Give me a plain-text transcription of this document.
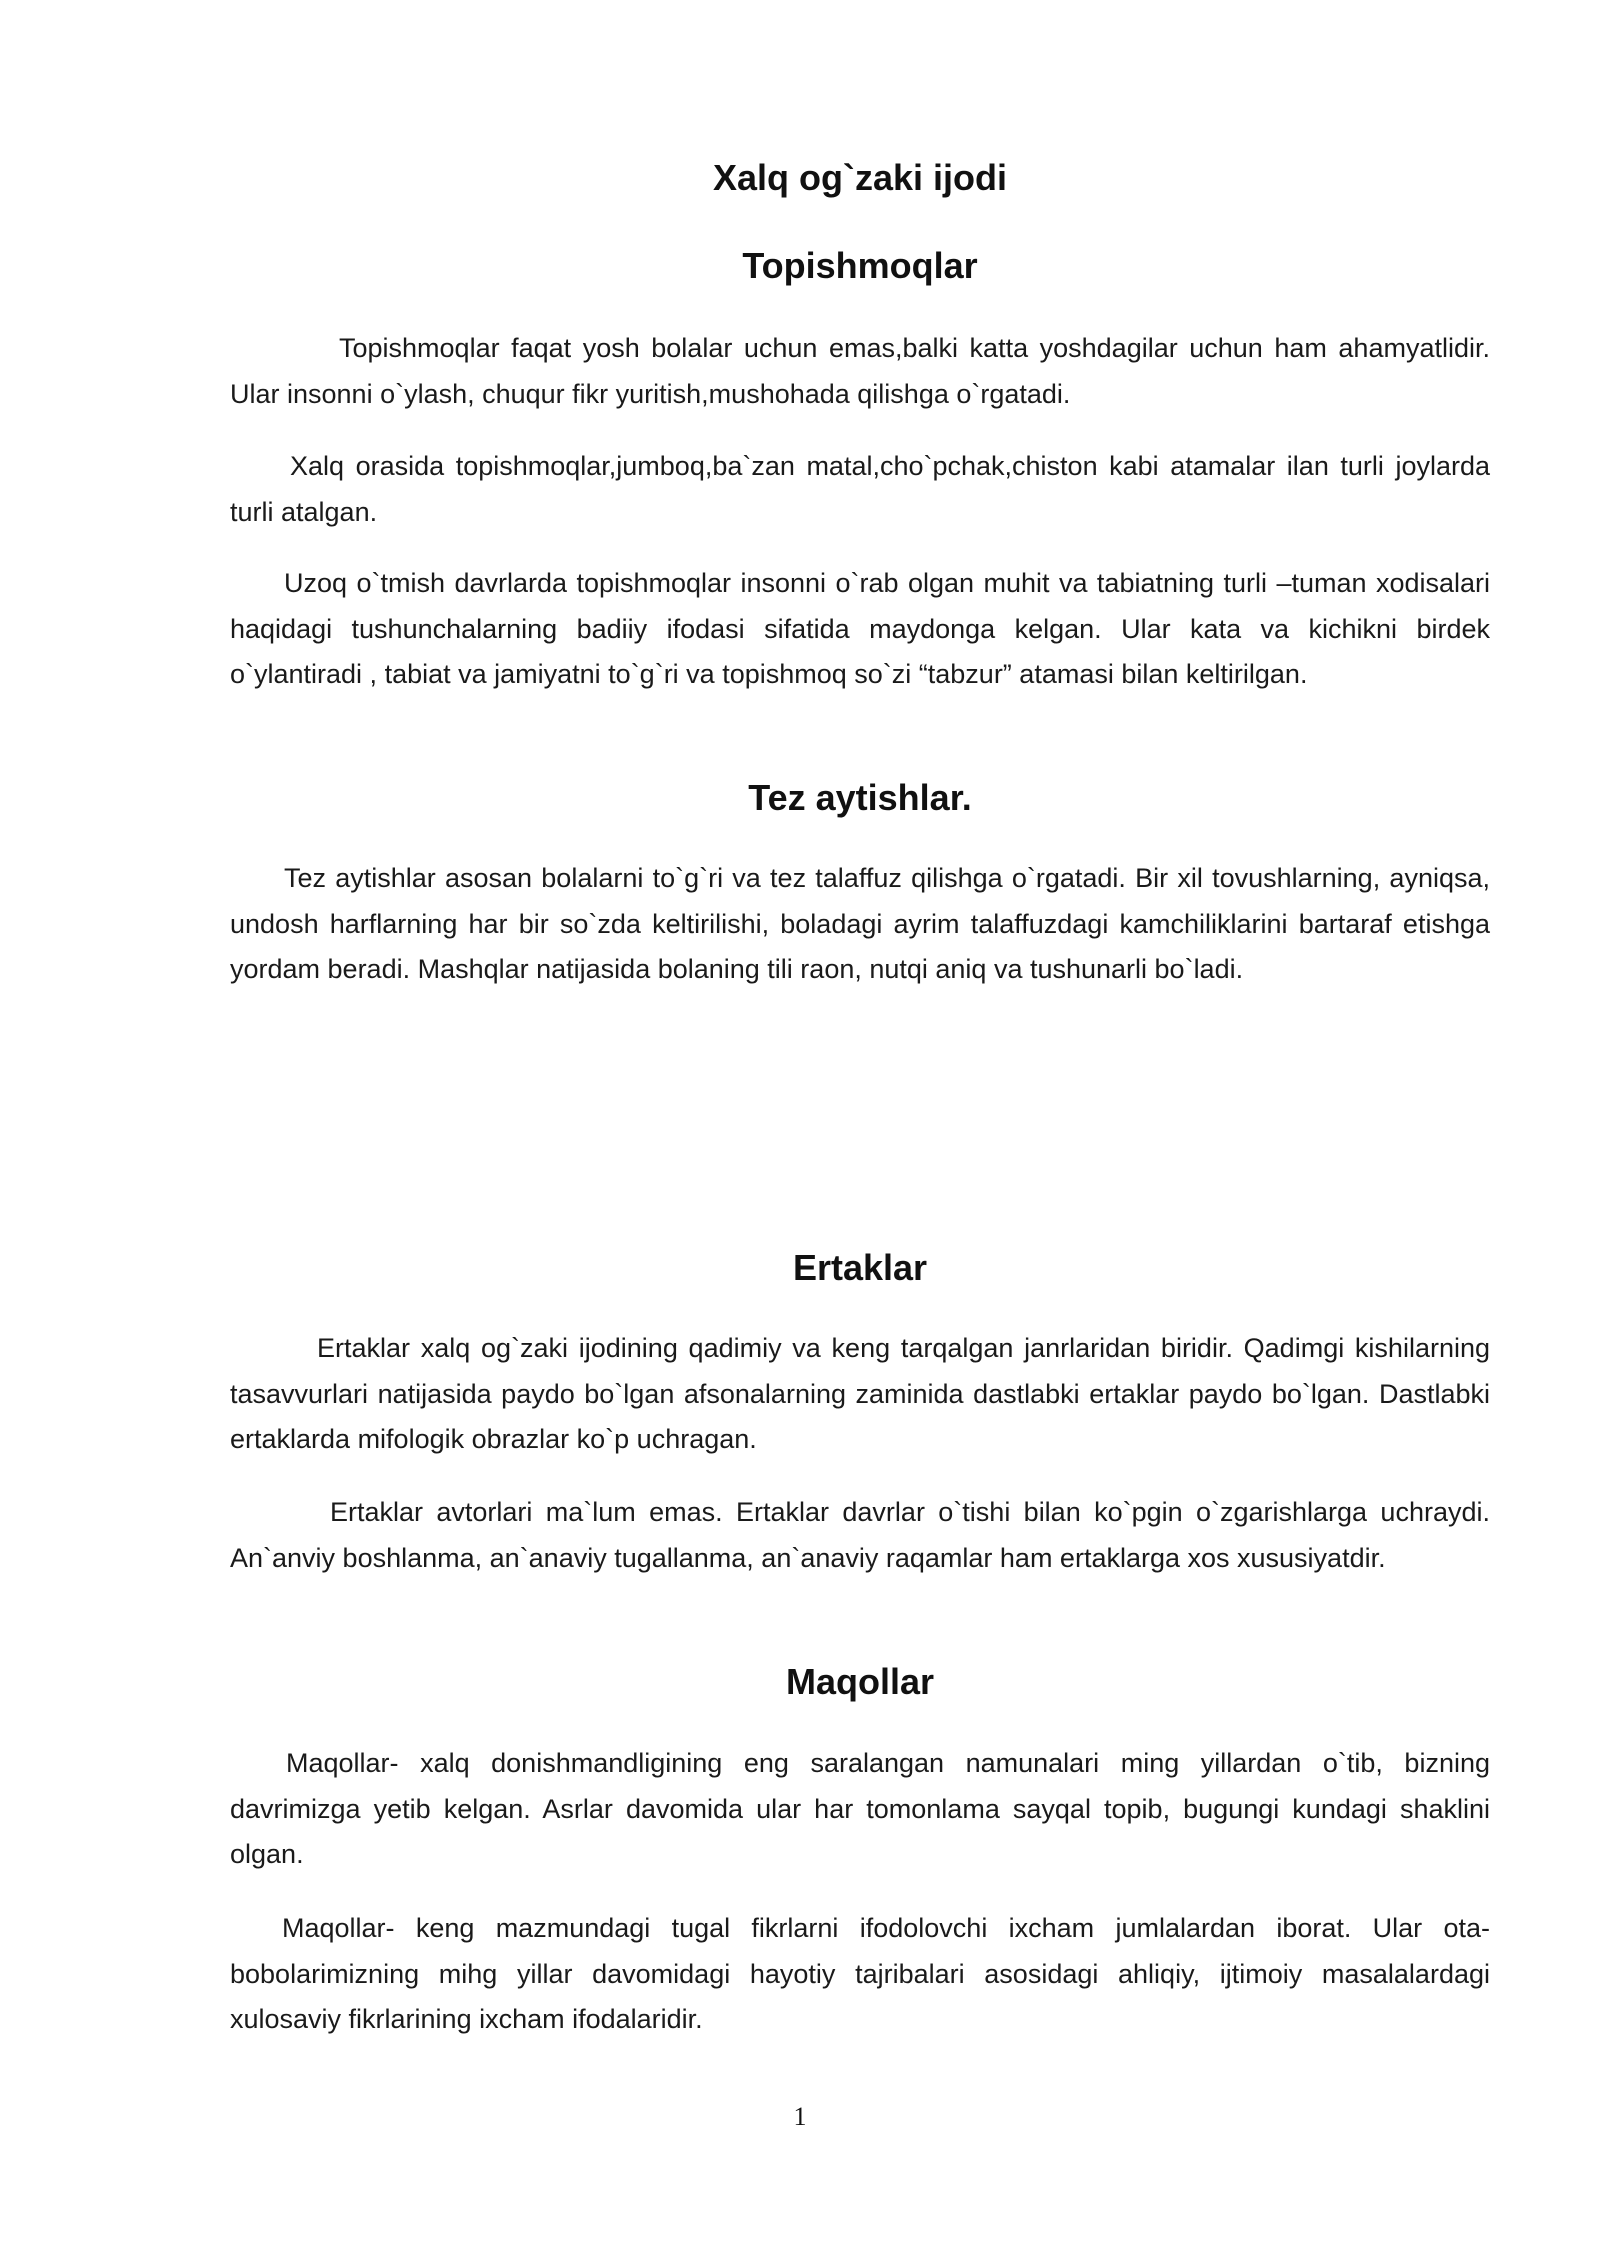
Xalq og`zaki ijodi
Topishmoqlar

Topishmoqlar faqat yosh bolalar uchun emas,balki katta yoshdagilar uchun ham ahamyatlidir. Ular insonni o`ylash, chuqur fikr yuritish,mushohada qilishga o`rgatadi.

Xalq orasida topishmoqlar,jumboq,ba`zan matal,cho`pchak,chiston kabi atamalar ilan turli joylarda turli atalgan.

Uzoq o`tmish davrlarda topishmoqlar insonni o`rab olgan muhit va tabiatning turli –tuman xodisalari haqidagi tushunchalarning badiiy ifodasi sifatida maydonga kelgan. Ular kata va kichikni birdek o`ylantiradi , tabiat va jamiyatni to`g`ri va topishmoq so`zi “tabzur” atamasi bilan keltirilgan.

Tez aytishlar.

Tez aytishlar asosan bolalarni to`g`ri va tez talaffuz qilishga o`rgatadi. Bir xil tovushlarning, ayniqsa, undosh harflarning har bir so`zda keltirilishi, boladagi ayrim talaffuzdagi kamchiliklarini bartaraf etishga yordam beradi. Mashqlar natijasida bolaning tili raon, nutqi aniq va tushunarli bo`ladi.

Ertaklar

Ertaklar xalq og`zaki ijodining qadimiy va keng tarqalgan janrlaridan biridir. Qadimgi kishilarning tasavvurlari natijasida paydo bo`lgan afsonalarning zaminida dastlabki ertaklar paydo bo`lgan. Dastlabki ertaklarda mifologik obrazlar ko`p uchragan.

Ertaklar avtorlari ma`lum emas. Ertaklar davrlar o`tishi bilan ko`pgin o`zgarishlarga uchraydi. An`anviy boshlanma, an`anaviy tugallanma, an`anaviy raqamlar ham ertaklarga xos xususiyatdir.

Maqollar

Maqollar- xalq donishmandligining eng saralangan namunalari ming yillardan o`tib, bizning davrimizga yetib kelgan. Asrlar davomida ular har tomonlama sayqal topib, bugungi kundagi shaklini olgan.

Maqollar- keng mazmundagi tugal fikrlarni ifodolovchi ixcham jumlalardan iborat. Ular ota-bobolarimizning mihg yillar davomidagi hayotiy tajribalari asosidagi ahliqiy, ijtimoiy masalalardagi xulosaviy fikrlarining ixcham ifodalaridir.

1
